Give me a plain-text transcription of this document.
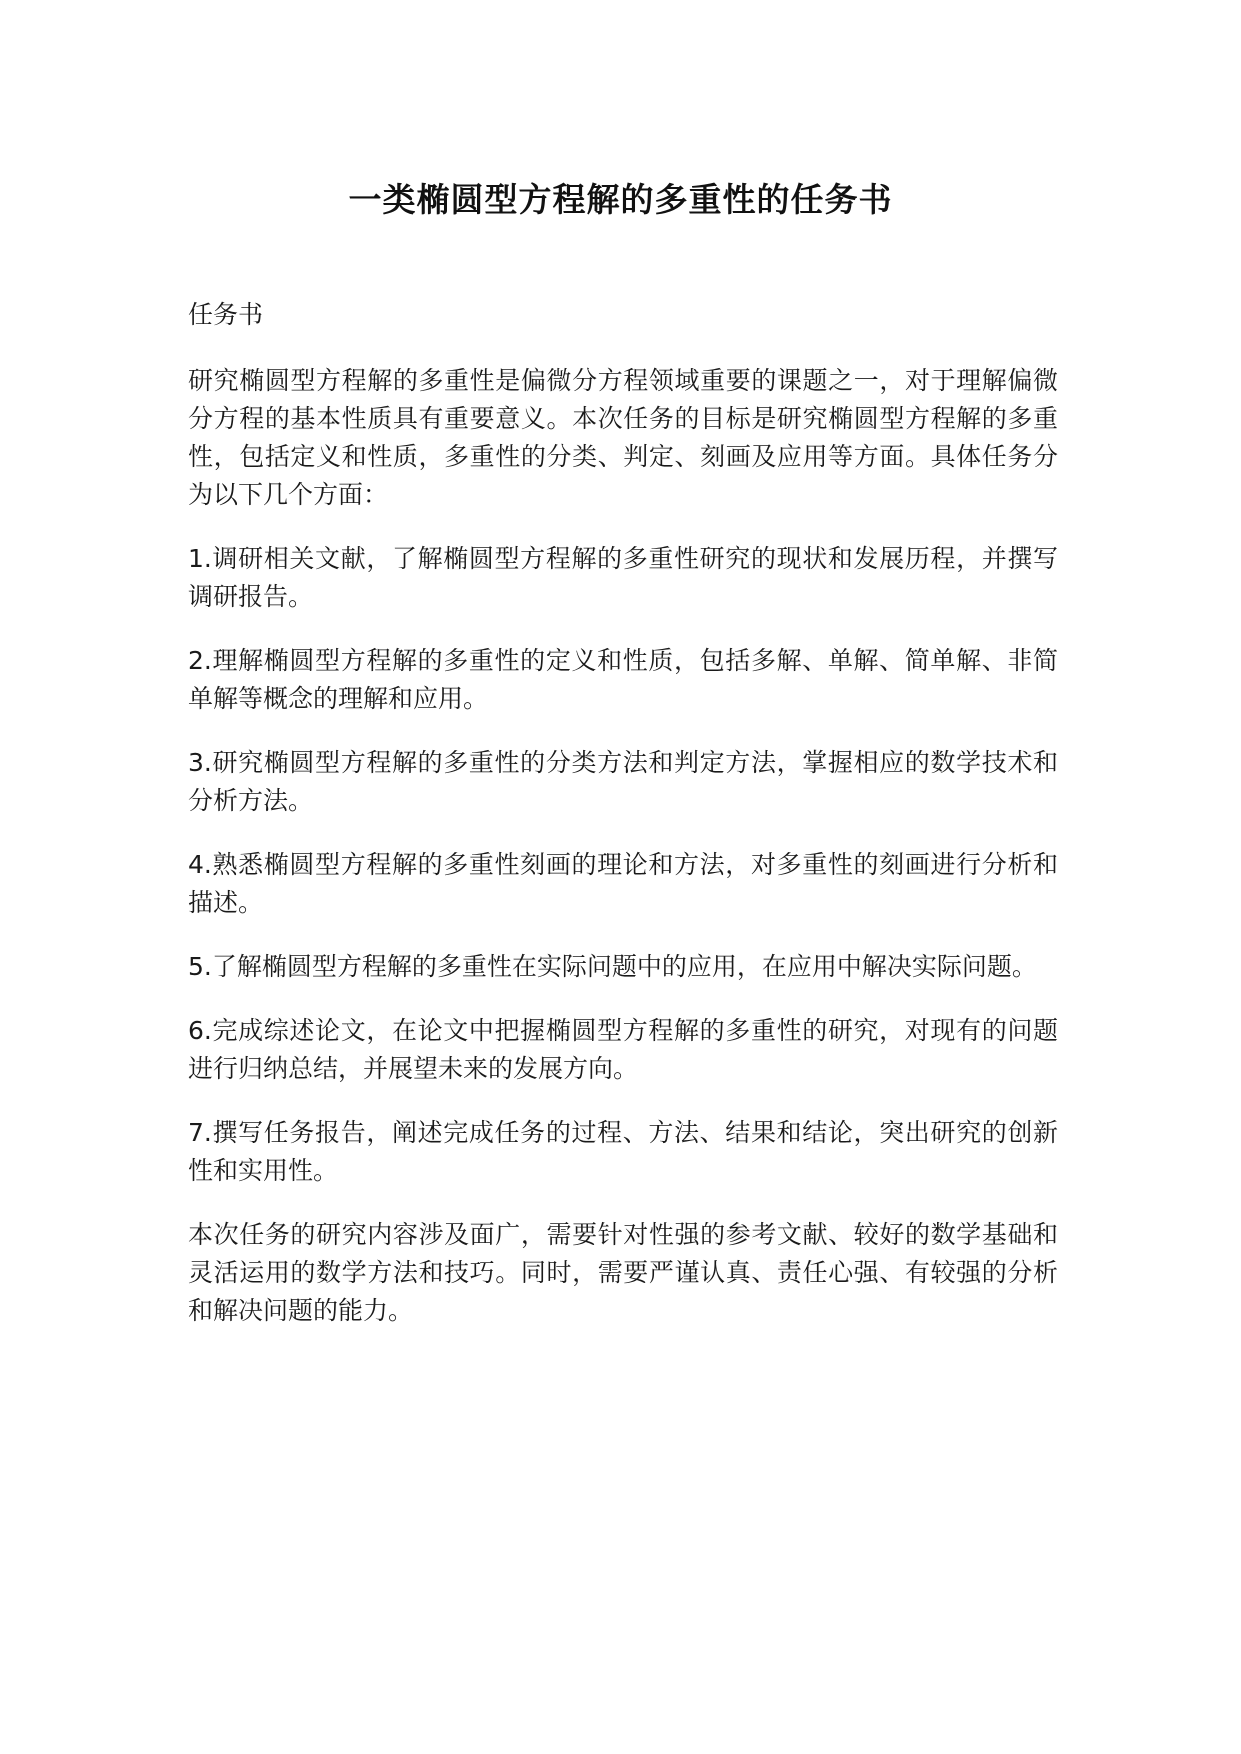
一类椭圆型方程解的多重性的任务书

任务书

研究椭圆型方程解的多重性是偏微分方程领域重要的课题之一，对于理解偏微分方程的基本性质具有重要意义。本次任务的目标是研究椭圆型方程解的多重性，包括定义和性质，多重性的分类、判定、刻画及应用等方面。具体任务分为以下几个方面：

1.调研相关文献，了解椭圆型方程解的多重性研究的现状和发展历程，并撰写调研报告。

2.理解椭圆型方程解的多重性的定义和性质，包括多解、单解、简单解、非简单解等概念的理解和应用。

3.研究椭圆型方程解的多重性的分类方法和判定方法，掌握相应的数学技术和分析方法。

4.熟悉椭圆型方程解的多重性刻画的理论和方法，对多重性的刻画进行分析和描述。

5.了解椭圆型方程解的多重性在实际问题中的应用，在应用中解决实际问题。

6.完成综述论文，在论文中把握椭圆型方程解的多重性的研究，对现有的问题进行归纳总结，并展望未来的发展方向。

7.撰写任务报告，阐述完成任务的过程、方法、结果和结论，突出研究的创新性和实用性。

本次任务的研究内容涉及面广，需要针对性强的参考文献、较好的数学基础和灵活运用的数学方法和技巧。同时，需要严谨认真、责任心强、有较强的分析和解决问题的能力。
